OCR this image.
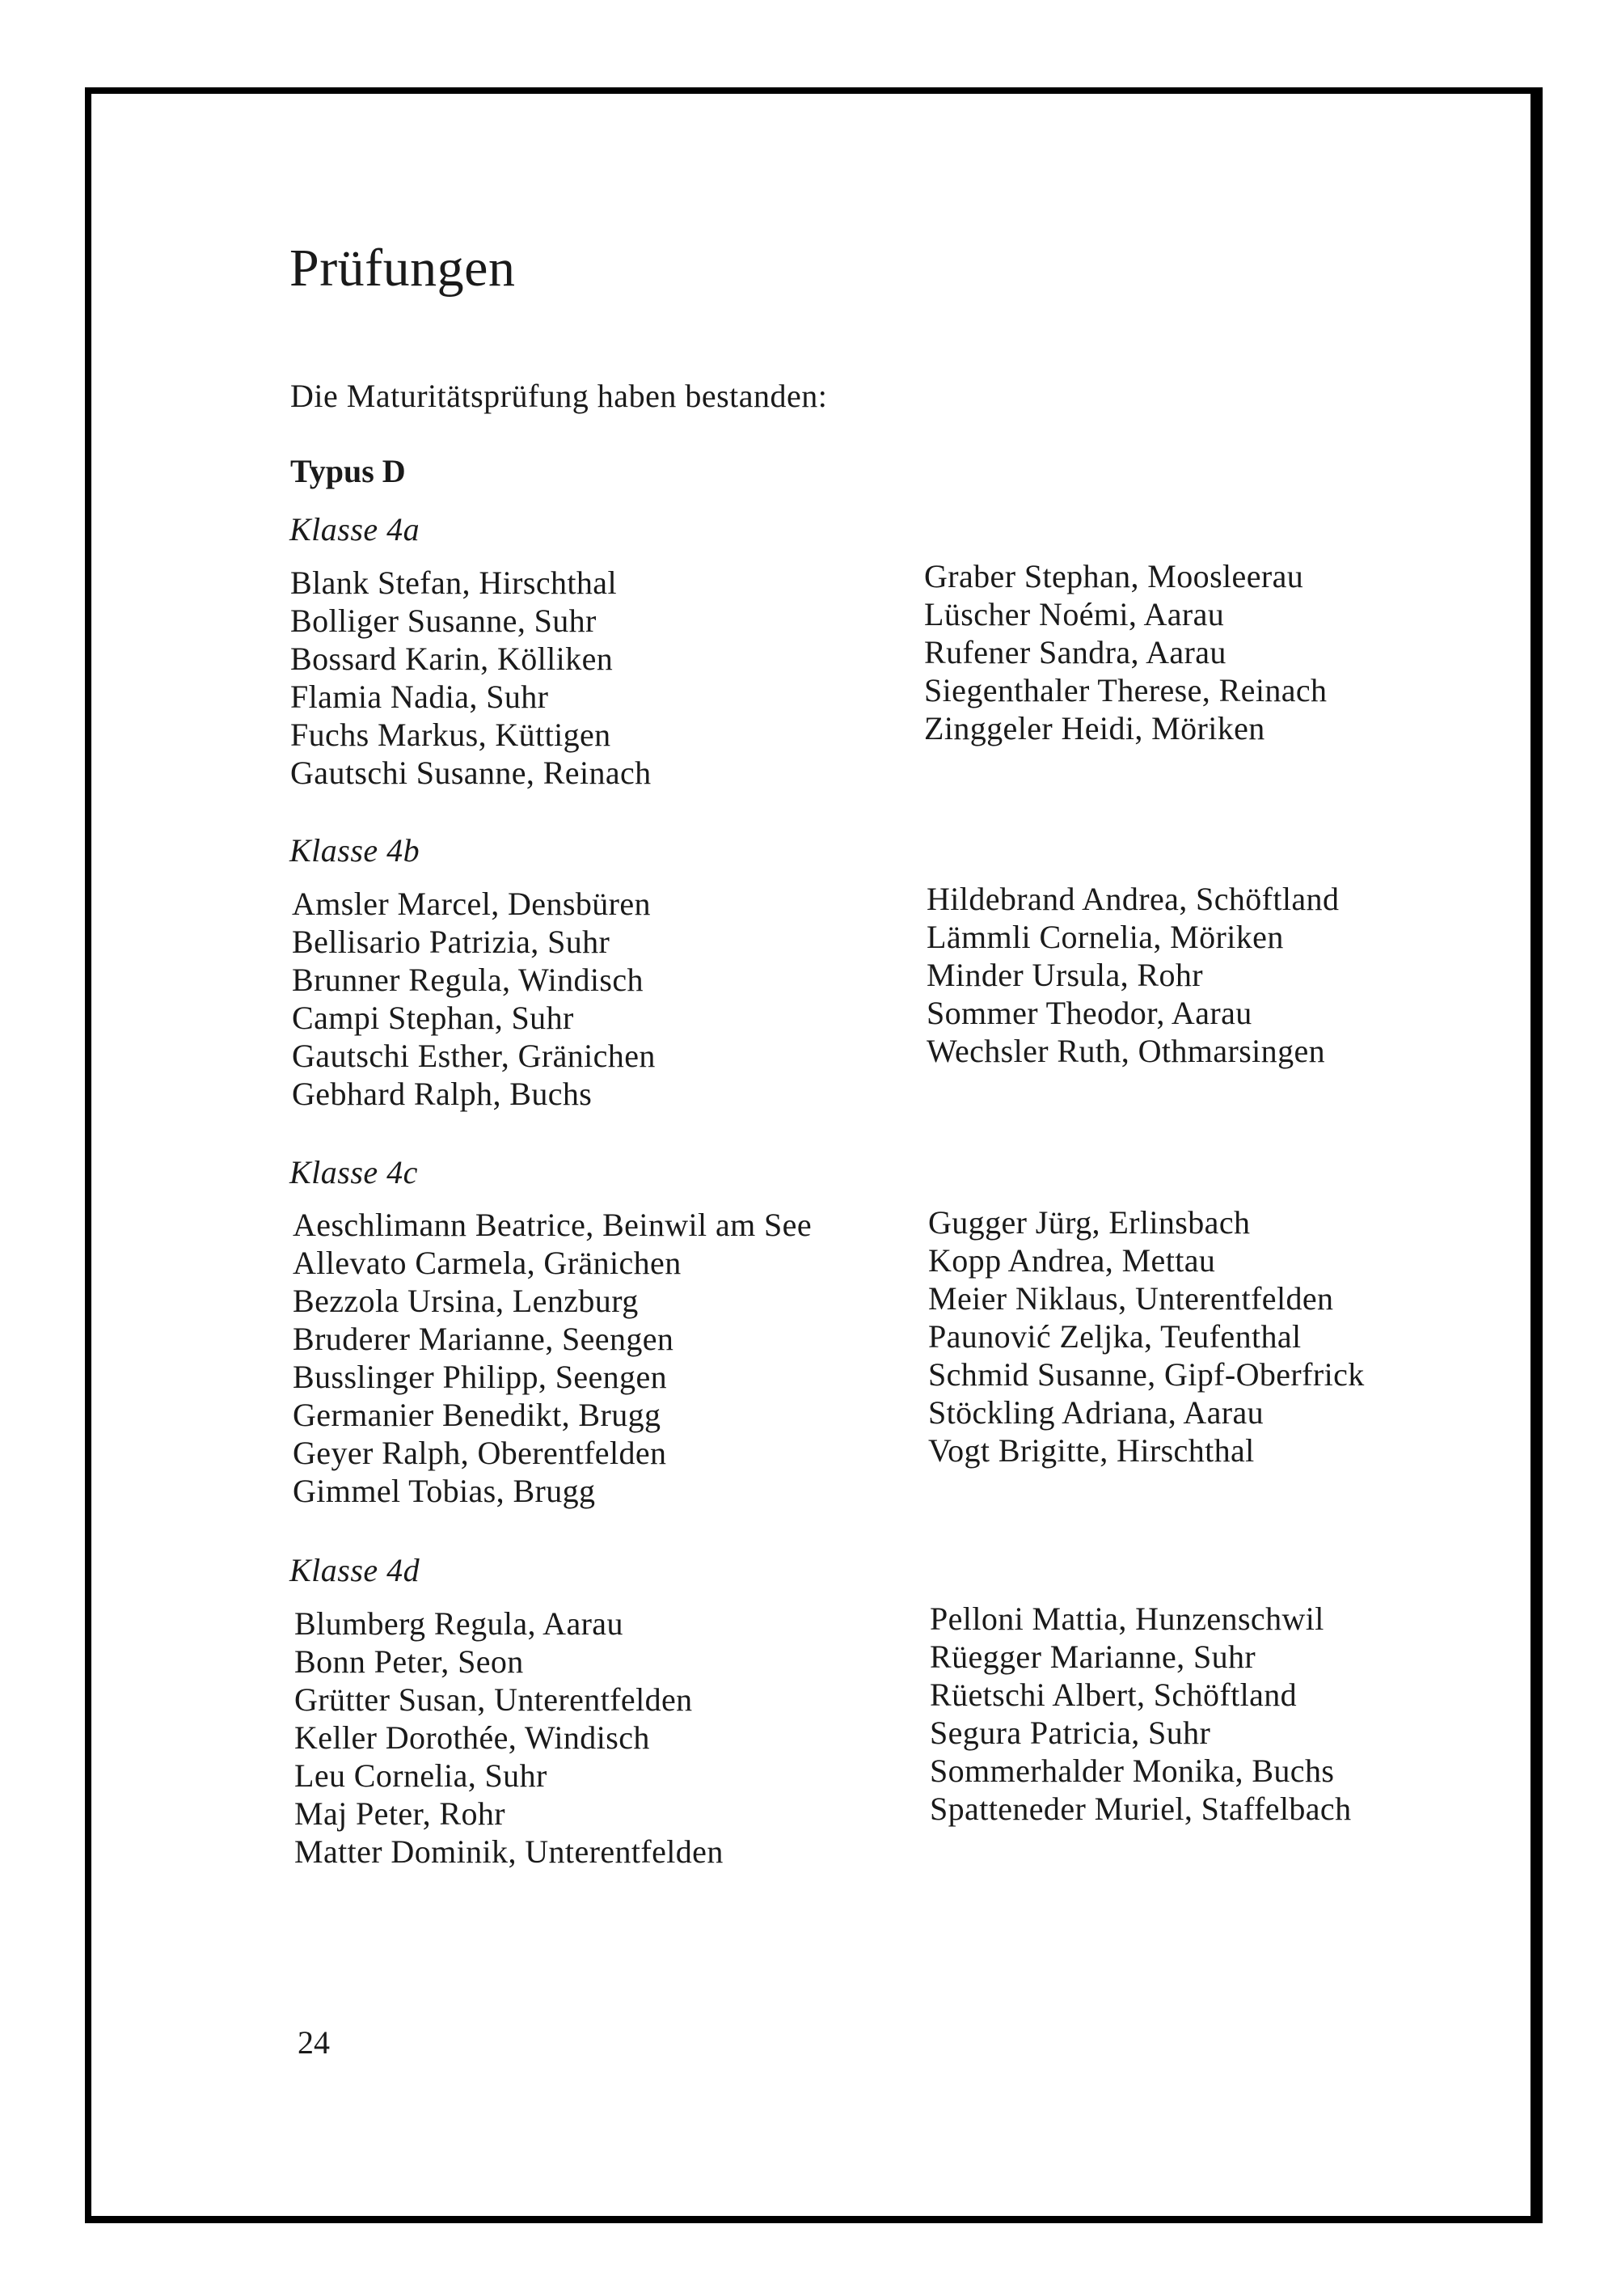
Prüfungen

Die Maturitätsprüfung haben bestanden:

Typus D

Klasse 4a

Blank Stefan, Hirschthal
Bolliger Susanne, Suhr
Bossard Karin, Kölliken
Flamia Nadia, Suhr
Fuchs Markus, Küttigen
Gautschi Susanne, Reinach
Graber Stephan, Moosleerau
Lüscher Noémi, Aarau
Rufener Sandra, Aarau
Siegenthaler Therese, Reinach
Zinggeler Heidi, Möriken

Klasse 4b

Amsler Marcel, Densbüren
Bellisario Patrizia, Suhr
Brunner Regula, Windisch
Campi Stephan, Suhr
Gautschi Esther, Gränichen
Gebhard Ralph, Buchs
Hildebrand Andrea, Schöftland
Lämmli Cornelia, Möriken
Minder Ursula, Rohr
Sommer Theodor, Aarau
Wechsler Ruth, Othmarsingen

Klasse 4c

Aeschlimann Beatrice, Beinwil am See
Allevato Carmela, Gränichen
Bezzola Ursina, Lenzburg
Bruderer Marianne, Seengen
Busslinger Philipp, Seengen
Germanier Benedikt, Brugg
Geyer Ralph, Oberentfelden
Gimmel Tobias, Brugg
Gugger Jürg, Erlinsbach
Kopp Andrea, Mettau
Meier Niklaus, Unterentfelden
Paunović Zeljka, Teufenthal
Schmid Susanne, Gipf-Oberfrick
Stöckling Adriana, Aarau
Vogt Brigitte, Hirschthal

Klasse 4d

Blumberg Regula, Aarau
Bonn Peter, Seon
Grütter Susan, Unterentfelden
Keller Dorothée, Windisch
Leu Cornelia, Suhr
Maj Peter, Rohr
Matter Dominik, Unterentfelden
Pelloni Mattia, Hunzenschwil
Rüegger Marianne, Suhr
Rüetschi Albert, Schöftland
Segura Patricia, Suhr
Sommerhalder Monika, Buchs
Spatteneder Muriel, Staffelbach

24
